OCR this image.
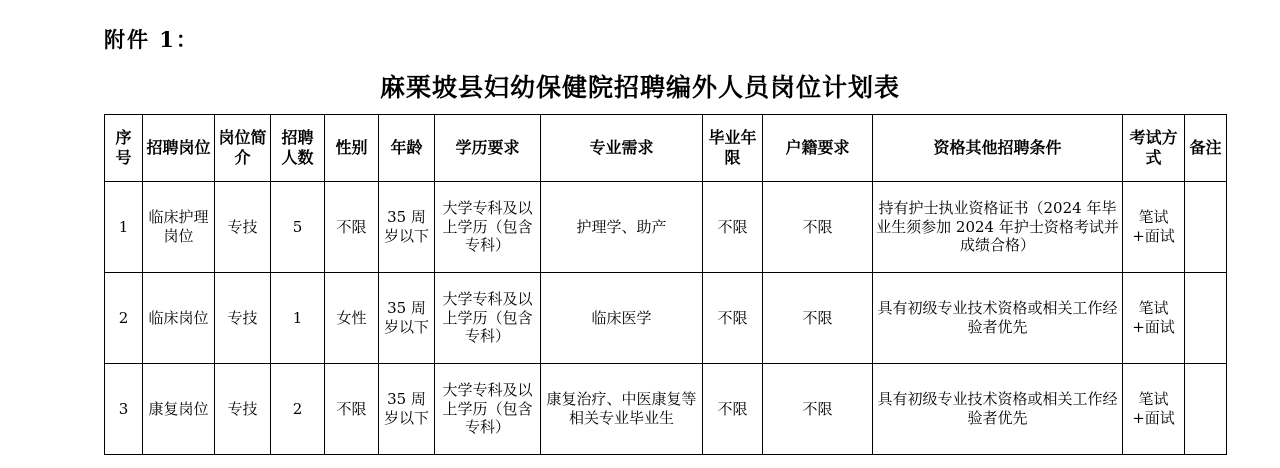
附件 1：
麻栗坡县妇幼保健院招聘编外人员岗位计划表
序号	招聘岗位	岗位简介	招聘人数	性别	年龄	学历要求	专业需求	毕业年限	户籍要求	资格其他招聘条件	考试方式	备注
1	临床护理岗位	专技	5	不限	35 周岁以下	大学专科及以上学历（包含专科）	护理学、助产	不限	不限	持有护士执业资格证书（2024 年毕业生须参加 2024 年护士资格考试并成绩合格）	笔试+面试	
2	临床岗位	专技	1	女性	35 周岁以下	大学专科及以上学历（包含专科）	临床医学	不限	不限	具有初级专业技术资格或相关工作经验者优先	笔试+面试	
3	康复岗位	专技	2	不限	35 周岁以下	大学专科及以上学历（包含专科）	康复治疗、中医康复等相关专业毕业生	不限	不限	具有初级专业技术资格或相关工作经验者优先	笔试+面试	
